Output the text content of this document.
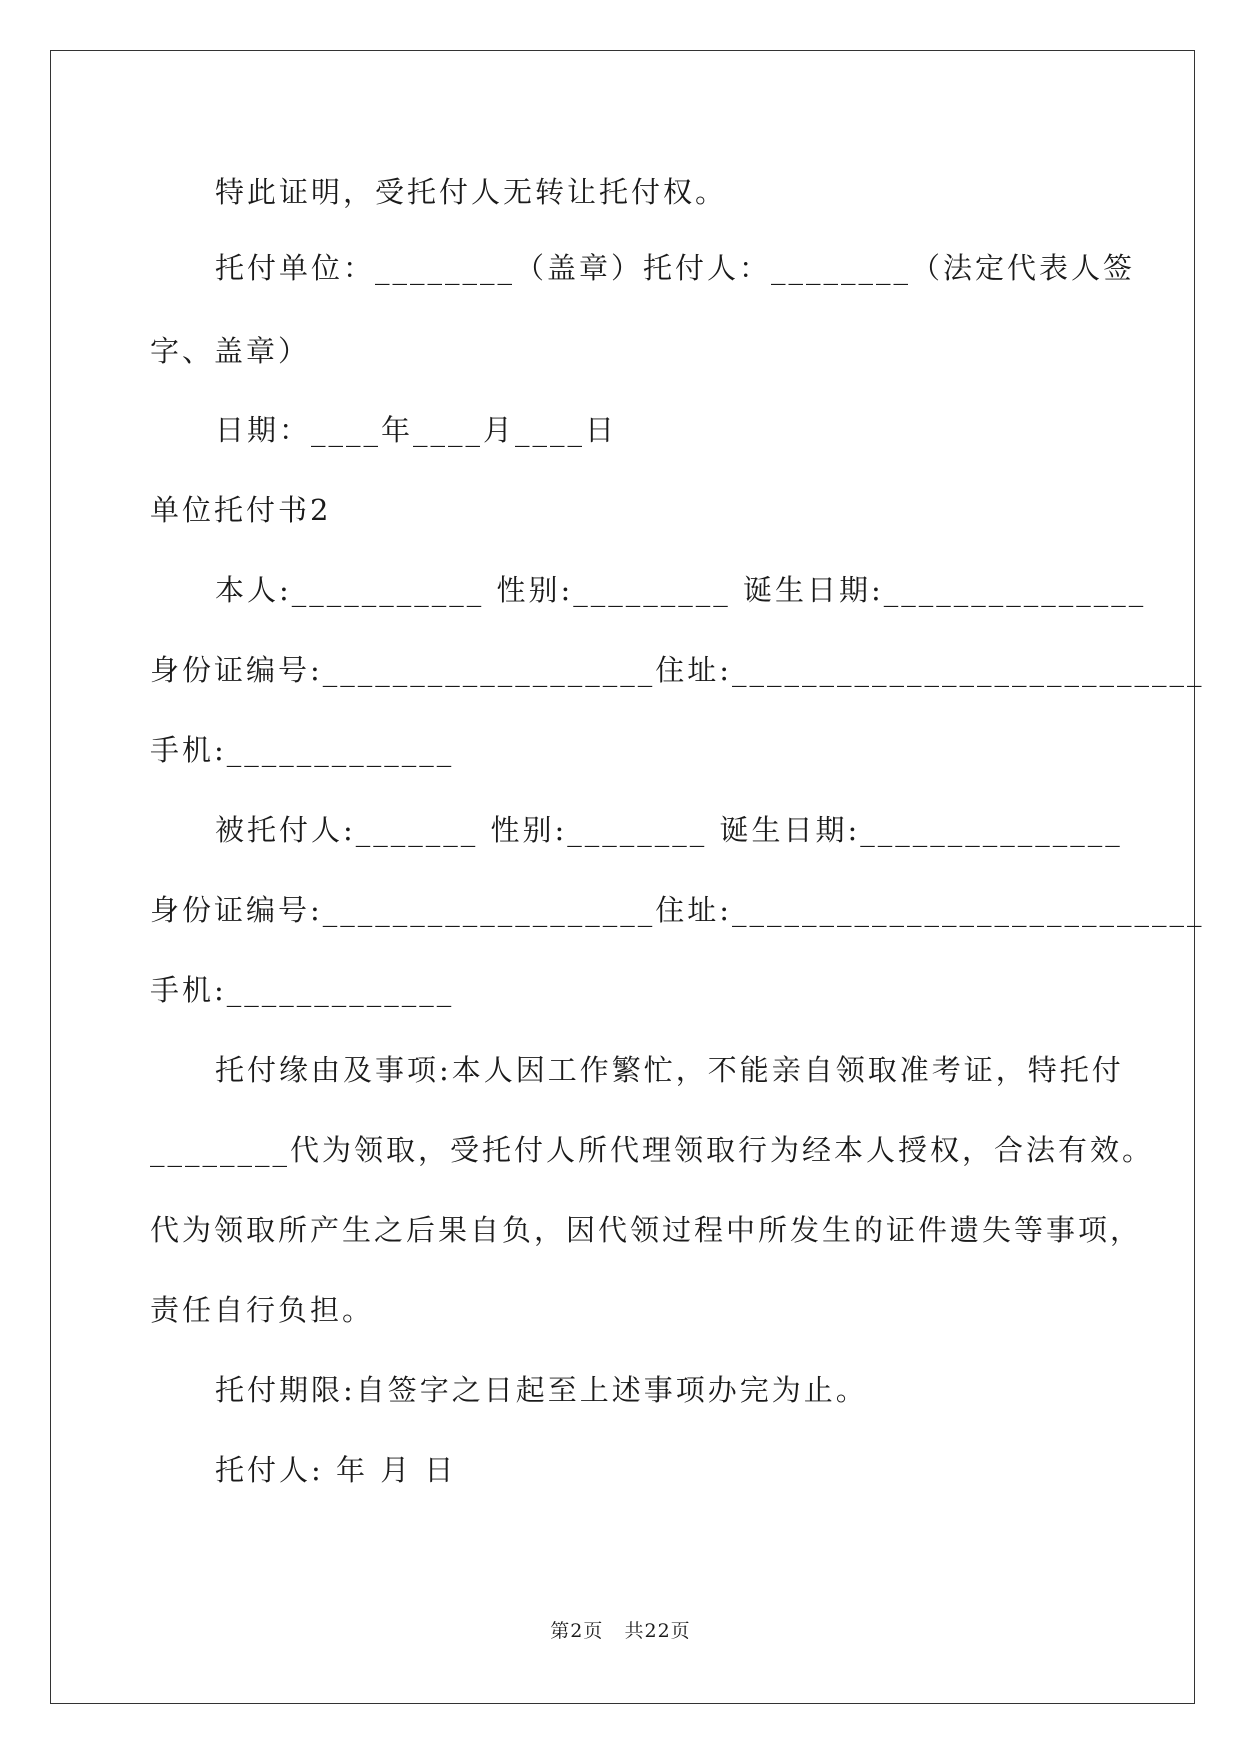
特此证明，受托付人无转让托付权。
托付单位：________（盖章）托付人：________（法定代表人签
字、盖章）
日期：____年____月____日
单位托付书2
本人:___________ 性别:_________ 诞生日期:_______________
身份证编号:___________________住址:___________________________
手机:_____________
被托付人:_______ 性别:________ 诞生日期:_______________
身份证编号:___________________住址:___________________________
手机:_____________
托付缘由及事项:本人因工作繁忙，不能亲自领取准考证，特托付
________代为领取，受托付人所代理领取行为经本人授权，合法有效。
代为领取所产生之后果自负，因代领过程中所发生的证件遗失等事项，
责任自行负担。
托付期限:自签字之日起至上述事项办完为止。
托付人: 年 月 日
第2页   共22页
